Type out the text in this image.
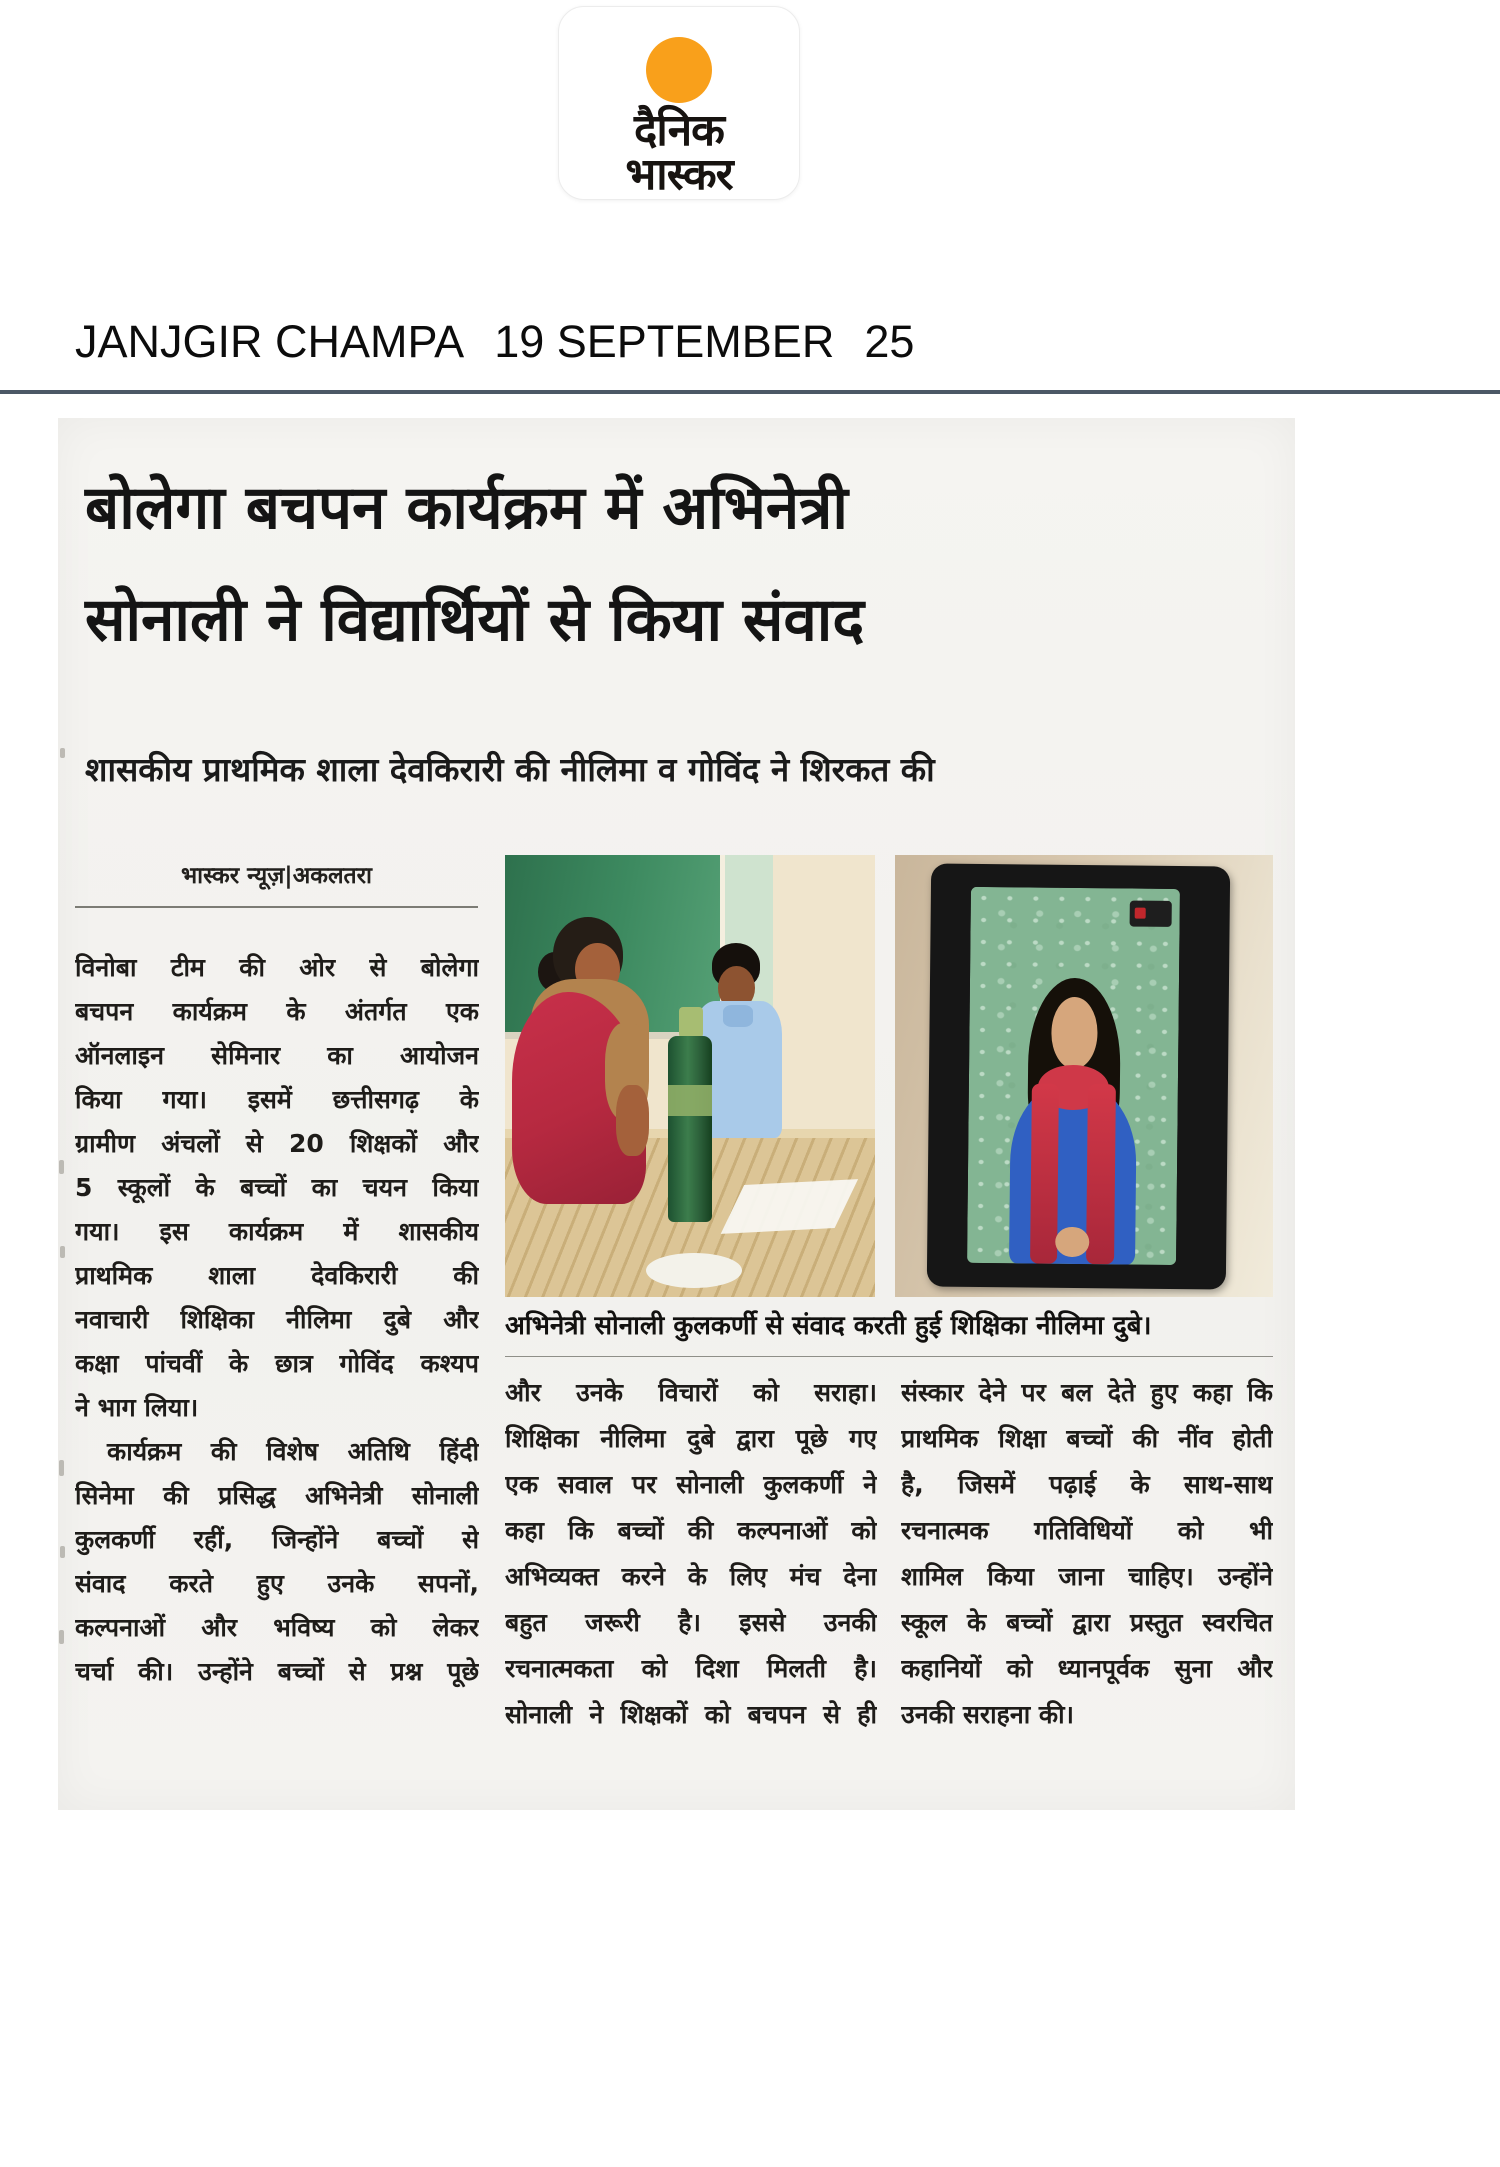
दैनिक
भास्कर
JANJGIR CHAMPA 19 SEPTEMBER 25
बोलेगा बचपन कार्यक्रम में अभिनेत्री
सोनाली ने विद्यार्थियों से किया संवाद
शासकीय प्राथमिक शाला देवकिरारी की नीलिमा व गोविंद ने शिरकत की
भास्कर न्यूज़|अकलतरा
विनोबा टीम की ओर से बोलेगा
बचपन कार्यक्रम के अंतर्गत एक
ऑनलाइन सेमिनार का आयोजन
किया गया। इसमें छत्तीसगढ़ के
ग्रामीण अंचलों से 20 शिक्षकों और
5 स्कूलों के बच्चों का चयन किया
गया। इस कार्यक्रम में शासकीय
प्राथमिक शाला देवकिरारी की
नवाचारी शिक्षिका नीलिमा दुबे और
कक्षा पांचवीं के छात्र गोविंद कश्यप
ने भाग लिया।
कार्यक्रम की विशेष अतिथि हिंदी
सिनेमा की प्रसिद्ध अभिनेत्री सोनाली
कुलकर्णी रहीं, जिन्होंने बच्चों से
संवाद करते हुए उनके सपनों,
कल्पनाओं और भविष्य को लेकर
चर्चा की। उन्होंने बच्चों से प्रश्न पूछे
अभिनेत्री सोनाली कुलकर्णी से संवाद करती हुई शिक्षिका नीलिमा दुबे।
और उनके विचारों को सराहा।
शिक्षिका नीलिमा दुबे द्वारा पूछे गए
एक सवाल पर सोनाली कुलकर्णी ने
कहा कि बच्चों की कल्पनाओं को
अभिव्यक्त करने के लिए मंच देना
बहुत जरूरी है। इससे उनकी
रचनात्मकता को दिशा मिलती है।
सोनाली ने शिक्षकों को बचपन से ही
संस्कार देने पर बल देते हुए कहा कि
प्राथमिक शिक्षा बच्चों की नींव होती
है, जिसमें पढ़ाई के साथ-साथ
रचनात्मक गतिविधियों को भी
शामिल किया जाना चाहिए। उन्होंने
स्कूल के बच्चों द्वारा प्रस्तुत स्वरचित
कहानियों को ध्यानपूर्वक सुना और
उनकी सराहना की।
